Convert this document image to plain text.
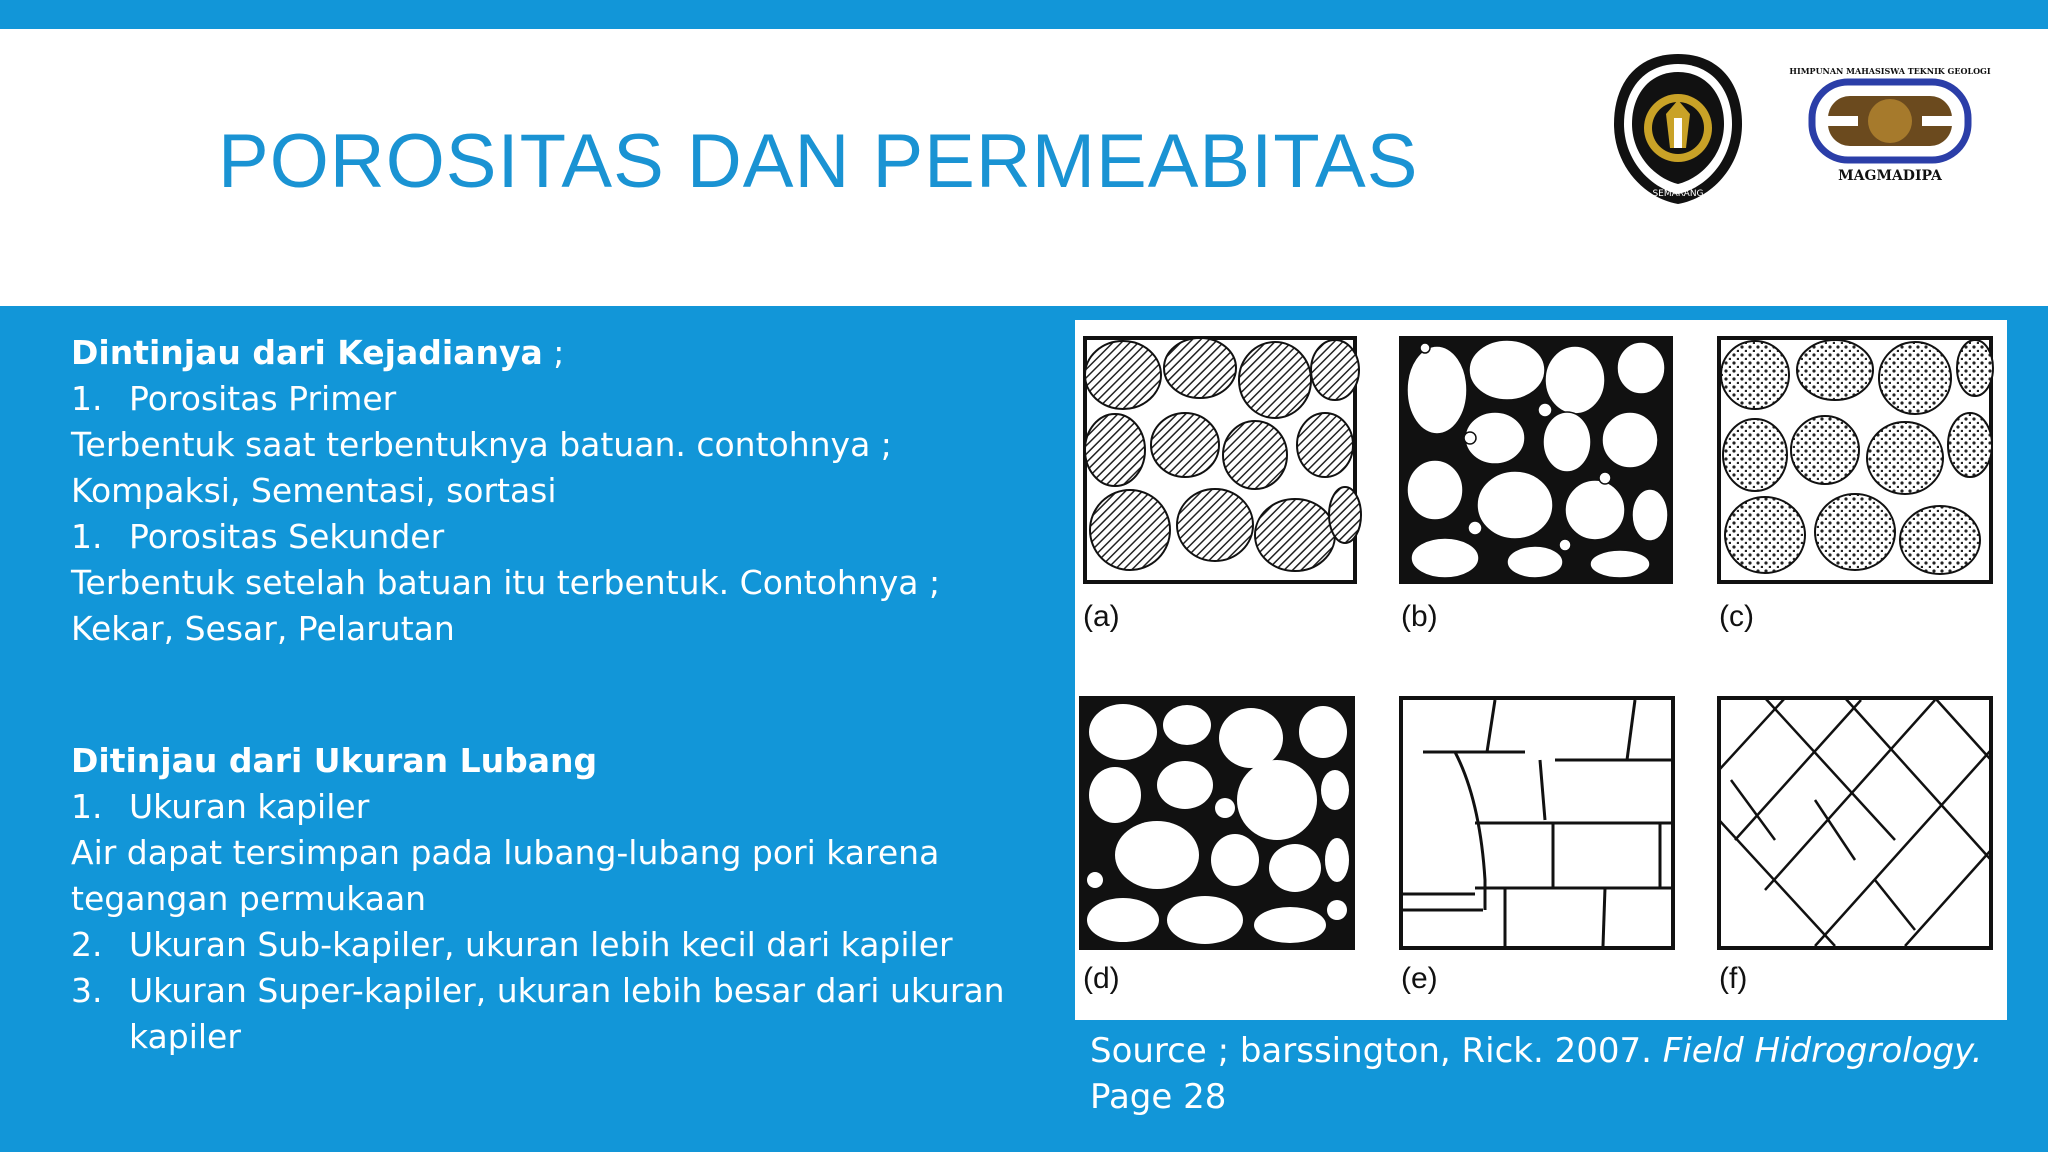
POROSITAS DAN PERMEABITAS	SEMARANG
HIMPUNAN MAHASISWA TEKNIK GEOLOGI
MAGMADIPA

Dintinjau dari Kejadianya ;

1. Porositas Primer

Terbentuk saat terbentuknya batuan. contohnya ;

Kompaksi, Sementasi, sortasi

1. Porositas Sekunder

Terbentuk setelah batuan itu terbentuk. Contohnya ;

Kekar, Sesar, Pelarutan

Ditinjau dari Ukuran Lubang

1. Ukuran kapiler

Air dapat tersimpan pada lubang-lubang pori karena

tegangan permukaan

2. Ukuran Sub-kapiler, ukuran lebih kecil dari kapiler

3. Ukuran Super-kapiler, ukuran lebih besar dari ukuran

kapiler

(a)	(b)	(c)
(d)	(e)	(f)
Source ; barssington, Rick. 2007. Field Hidrogrology.
Page 28
